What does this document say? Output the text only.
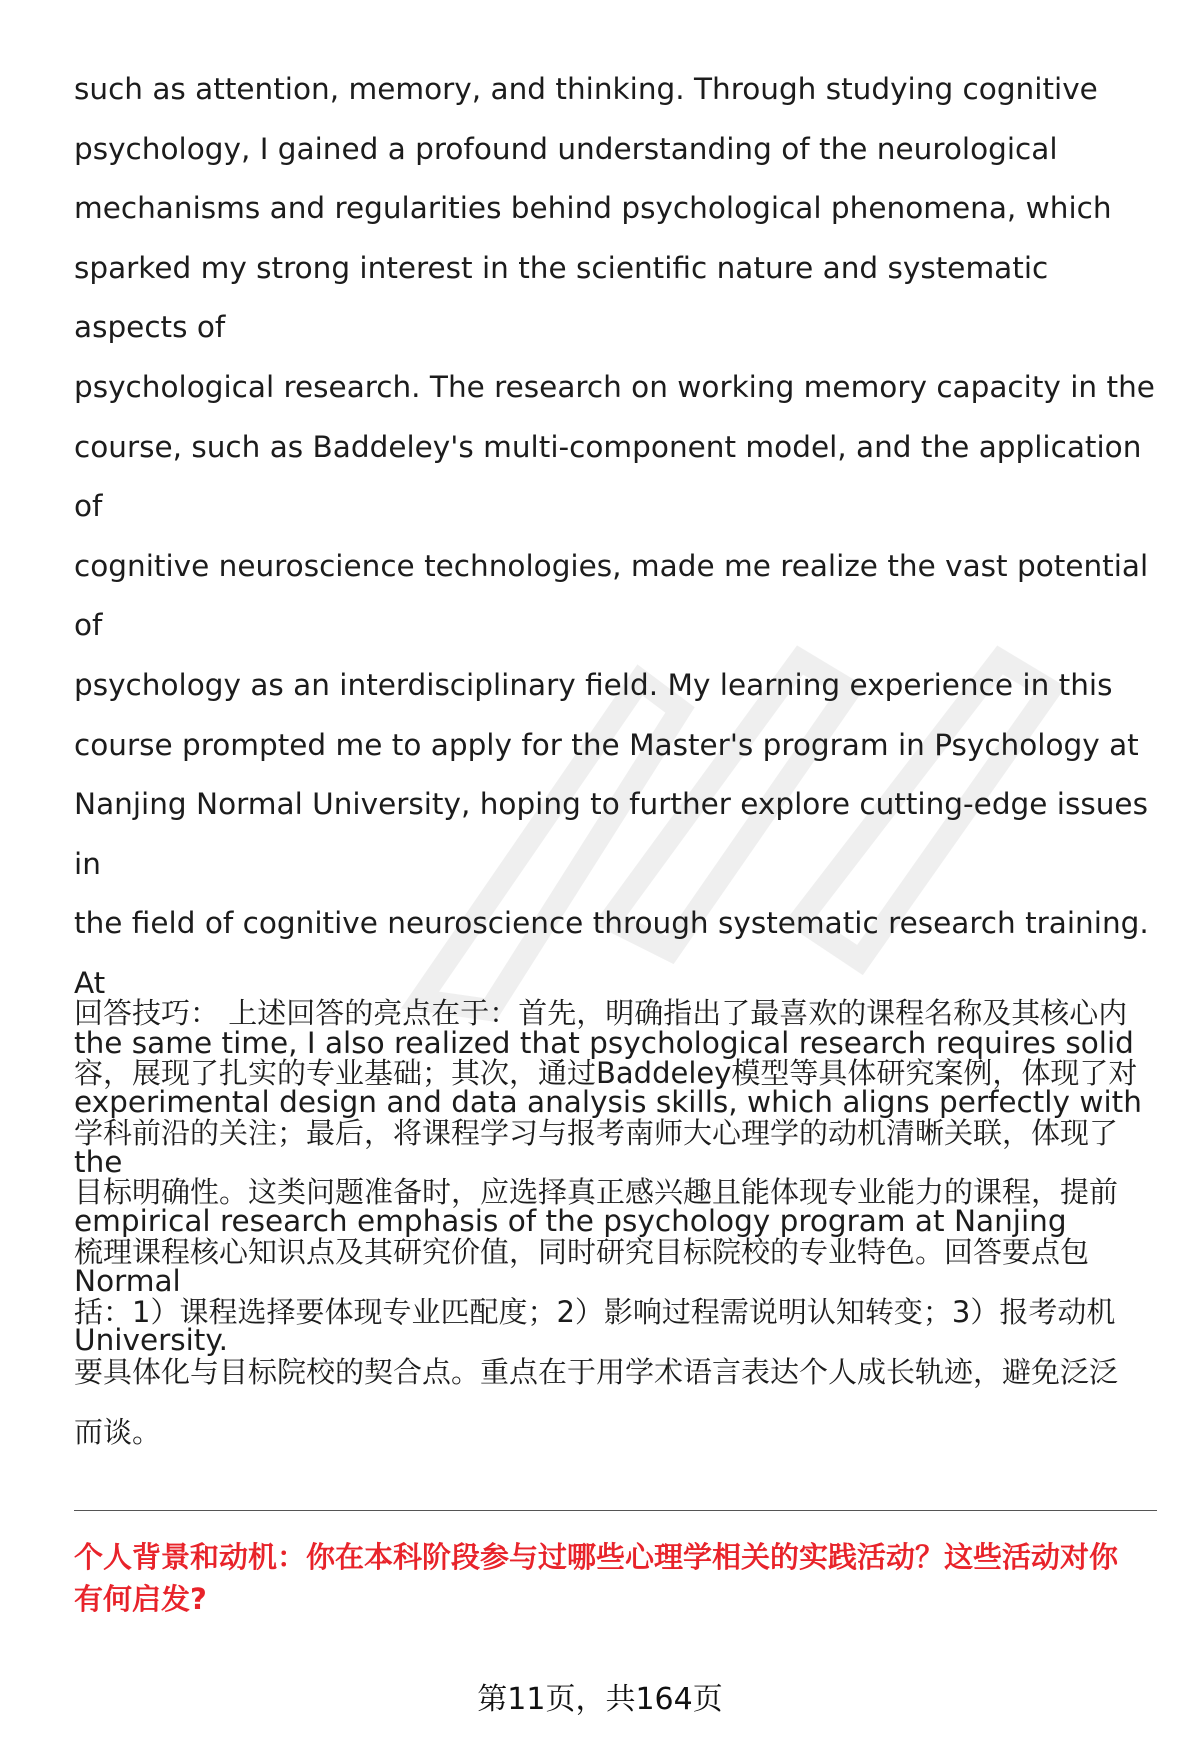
such as attention, memory, and thinking. Through studying cognitive
psychology, I gained a profound understanding of the neurological
mechanisms and regularities behind psychological phenomena, which
sparked my strong interest in the scientific nature and systematic aspects of
psychological research. The research on working memory capacity in the
course, such as Baddeley's multi-component model, and the application of
cognitive neuroscience technologies, made me realize the vast potential of
psychology as an interdisciplinary field. My learning experience in this
course prompted me to apply for the Master's program in Psychology at
Nanjing Normal University, hoping to further explore cutting-edge issues in
the field of cognitive neuroscience through systematic research training. At
the same time, I also realized that psychological research requires solid
experimental design and data analysis skills, which aligns perfectly with the
empirical research emphasis of the psychology program at Nanjing Normal
University.

回答技巧： 上述回答的亮点在于：首先，明确指出了最喜欢的课程名称及其核心内
容，展现了扎实的专业基础；其次，通过Baddeley模型等具体研究案例，体现了对
学科前沿的关注；最后，将课程学习与报考南师大心理学的动机清晰关联，体现了
目标明确性。这类问题准备时，应选择真正感兴趣且能体现专业能力的课程，提前
梳理课程核心知识点及其研究价值，同时研究目标院校的专业特色。回答要点包
括：1）课程选择要体现专业匹配度；2）影响过程需说明认知转变；3）报考动机
要具体化与目标院校的契合点。重点在于用学术语言表达个人成长轨迹，避免泛泛
而谈。

个人背景和动机：你在本科阶段参与过哪些心理学相关的实践活动？这些活动对你
有何启发?

第11页，共164页
